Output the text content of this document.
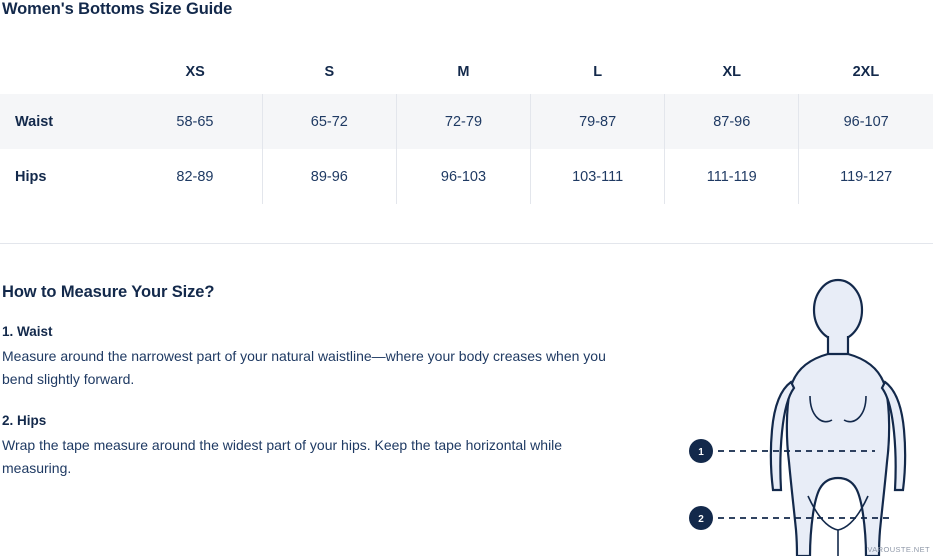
Women's Bottoms Size Guide
	XS	S	M	L	XL	2XL
Waist	58-65	65-72	72-79	79-87	87-96	96-107
Hips	82-89	89-96	96-103	103-111	111-119	119-127
How to Measure Your Size?
1. Waist

Measure around the narrowest part of your natural waistline—where your body creases when you bend slightly forward.

2. Hips

Wrap the tape measure around the widest part of your hips. Keep the tape horizontal while measuring.

1
2
VAROUSTE.NET
